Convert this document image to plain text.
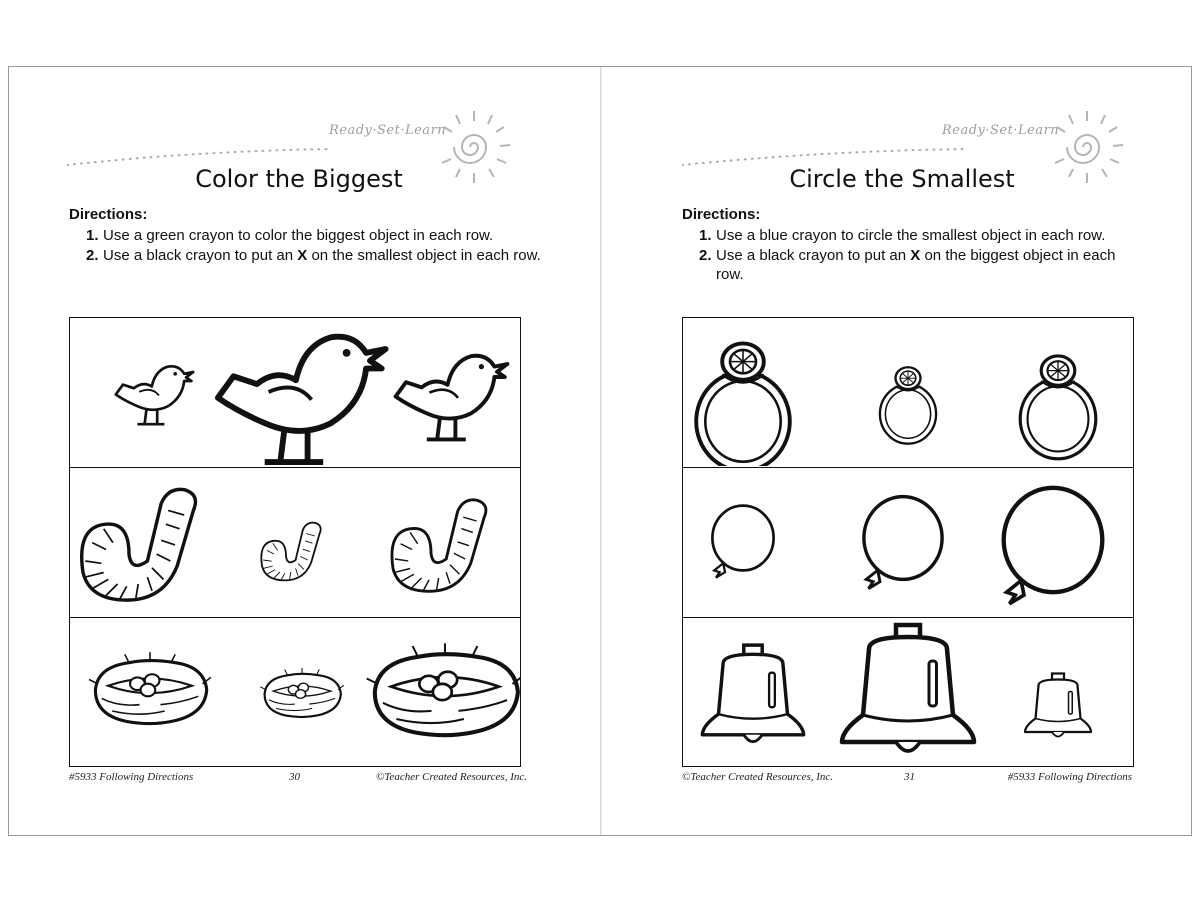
Ready·Set·Learn
Color the Biggest
Directions:
1. Use a green crayon to color the biggest object in each row.
2. Use a black crayon to put an X on the smallest object in each row.
#5933 Following Directions	30	©Teacher Created Resources, Inc.
Ready·Set·Learn
Circle the Smallest
Directions:
1. Use a blue crayon to circle the smallest object in each row.
2. Use a black crayon to put an X on the biggest object in each row.
©Teacher Created Resources, Inc.	31	#5933 Following Directions
